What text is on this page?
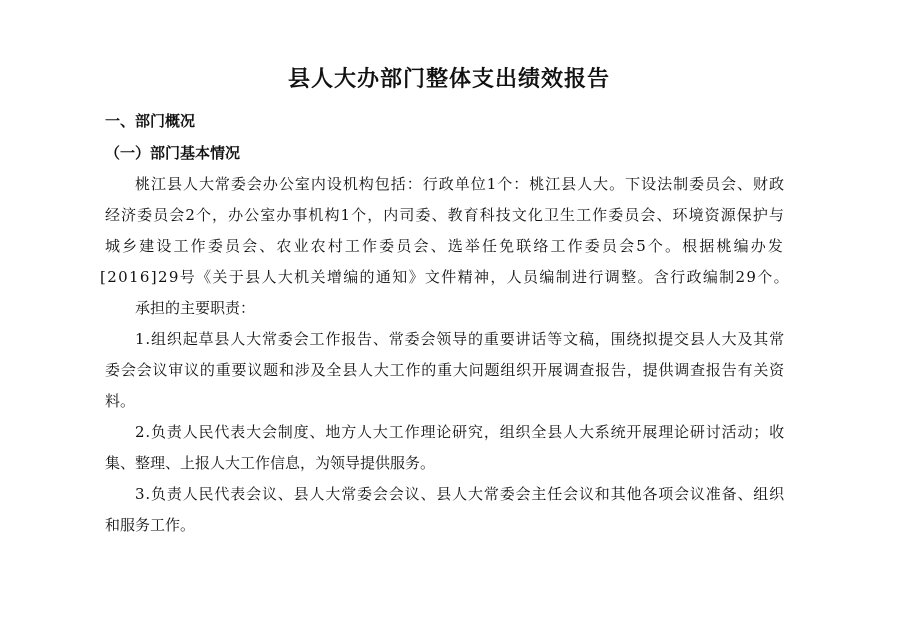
县人大办部门整体支出绩效报告
一、部门概况
（一）部门基本情况
桃江县人大常委会办公室内设机构包括：行政单位1个：桃江县人大。下设法制委员会、财政
经济委员会2个，办公室办事机构1个，内司委、教育科技文化卫生工作委员会、环境资源保护与
城乡建设工作委员会、农业农村工作委员会、选举任免联络工作委员会5个。根据桃编办发
[2016]29号《关于县人大机关增编的通知》文件精神，人员编制进行调整。含行政编制29个。
承担的主要职责：
1.组织起草县人大常委会工作报告、常委会领导的重要讲话等文稿，围绕拟提交县人大及其常
委会会议审议的重要议题和涉及全县人大工作的重大问题组织开展调查报告，提供调查报告有关资
料。
2.负责人民代表大会制度、地方人大工作理论研究，组织全县人大系统开展理论研讨活动；收
集、整理、上报人大工作信息，为领导提供服务。
3.负责人民代表会议、县人大常委会会议、县人大常委会主任会议和其他各项会议准备、组织
和服务工作。
